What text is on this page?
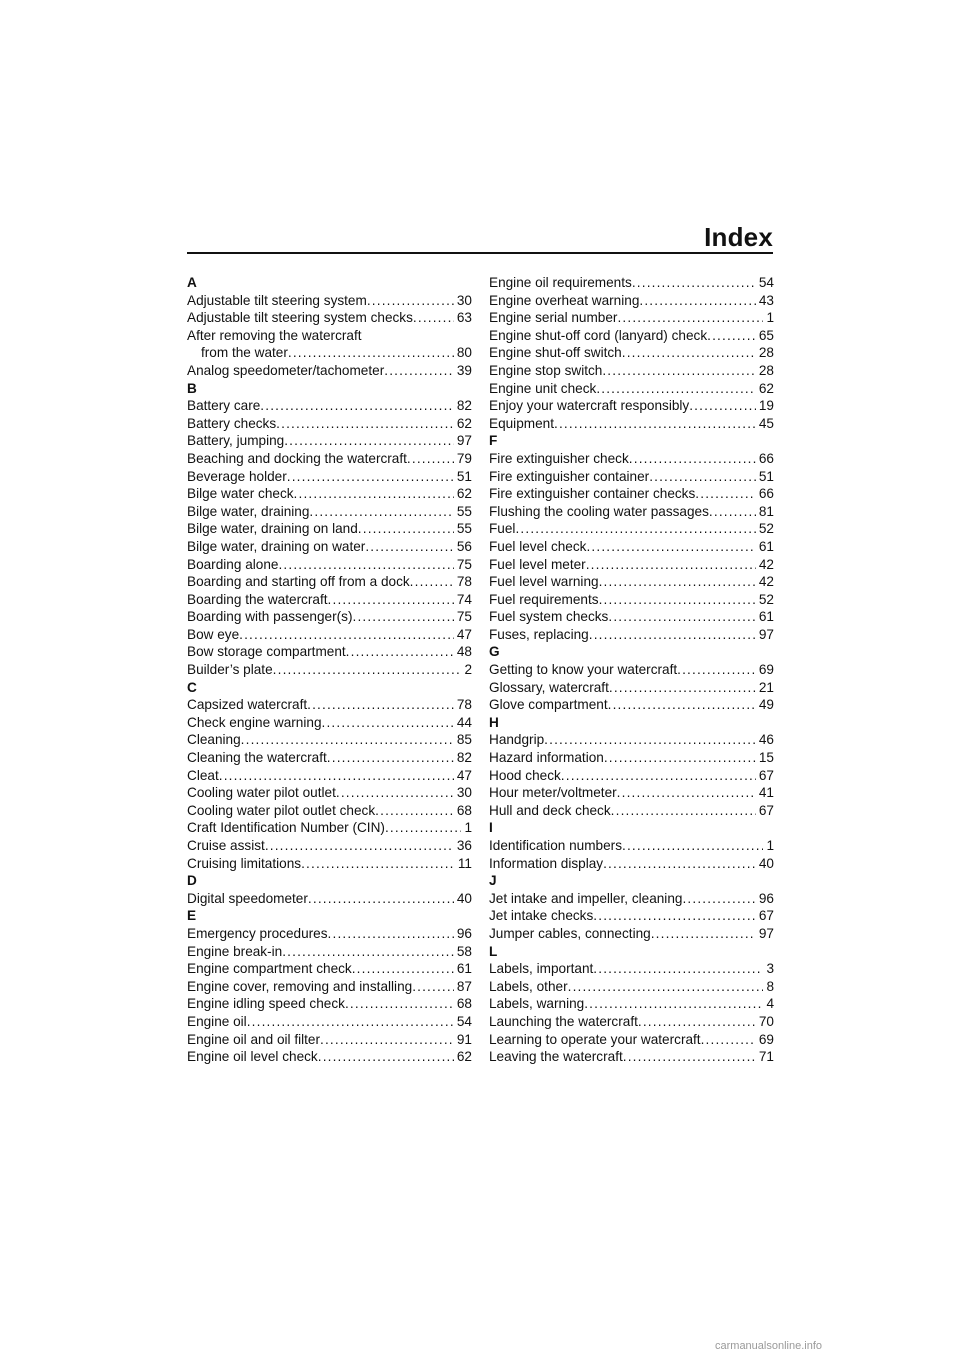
Index
A
Adjustable tilt steering system . . .	30
Adjustable tilt steering system checks . . .	63
After removing the watercraft
from the water . . .	80
Analog speedometer/tachometer . . .	39
B
Battery care . . .	82
Battery checks . . .	62
Battery, jumping . . .	97
Beaching and docking the watercraft . . .	79
Beverage holder . . .	51
Bilge water check . . .	62
Bilge water, draining . . .	55
Bilge water, draining on land . . .	55
Bilge water, draining on water . . .	56
Boarding alone . . .	75
Boarding and starting off from a dock . . .	78
Boarding the watercraft . . .	74
Boarding with passenger(s) . . .	75
Bow eye . . .	47
Bow storage compartment . . .	48
Builder’s plate . . .	2
C
Capsized watercraft . . .	78
Check engine warning . . .	44
Cleaning . . .	85
Cleaning the watercraft . . .	82
Cleat . . .	47
Cooling water pilot outlet . . .	30
Cooling water pilot outlet check . . .	68
Craft Identification Number (CIN) . . .	1
Cruise assist . . .	36
Cruising limitations . . .	11
D
Digital speedometer . . .	40
E
Emergency procedures . . .	96
Engine break-in . . .	58
Engine compartment check . . .	61
Engine cover, removing and installing . . .	87
Engine idling speed check . . .	68
Engine oil . . .	54
Engine oil and oil filter . . .	91
Engine oil level check . . .	62
Engine oil requirements . . .	54
Engine overheat warning . . .	43
Engine serial number . . .	1
Engine shut-off cord (lanyard) check . . .	65
Engine shut-off switch . . .	28
Engine stop switch . . .	28
Engine unit check . . .	62
Enjoy your watercraft responsibly . . .	19
Equipment . . .	45
F
Fire extinguisher check . . .	66
Fire extinguisher container . . .	51
Fire extinguisher container checks . . .	66
Flushing the cooling water passages . . .	81
Fuel . . .	52
Fuel level check . . .	61
Fuel level meter . . .	42
Fuel level warning . . .	42
Fuel requirements . . .	52
Fuel system checks . . .	61
Fuses, replacing . . .	97
G
Getting to know your watercraft . . .	69
Glossary, watercraft . . .	21
Glove compartment . . .	49
H
Handgrip . . .	46
Hazard information . . .	15
Hood check . . .	67
Hour meter/voltmeter . . .	41
Hull and deck check . . .	67
I
Identification numbers . . .	1
Information display . . .	40
J
Jet intake and impeller, cleaning . . .	96
Jet intake checks . . .	67
Jumper cables, connecting . . .	97
L
Labels, important . . .	3
Labels, other . . .	8
Labels, warning . . .	4
Launching the watercraft . . .	70
Learning to operate your watercraft . . .	69
Leaving the watercraft . . .	71
carmanualsonline.info
